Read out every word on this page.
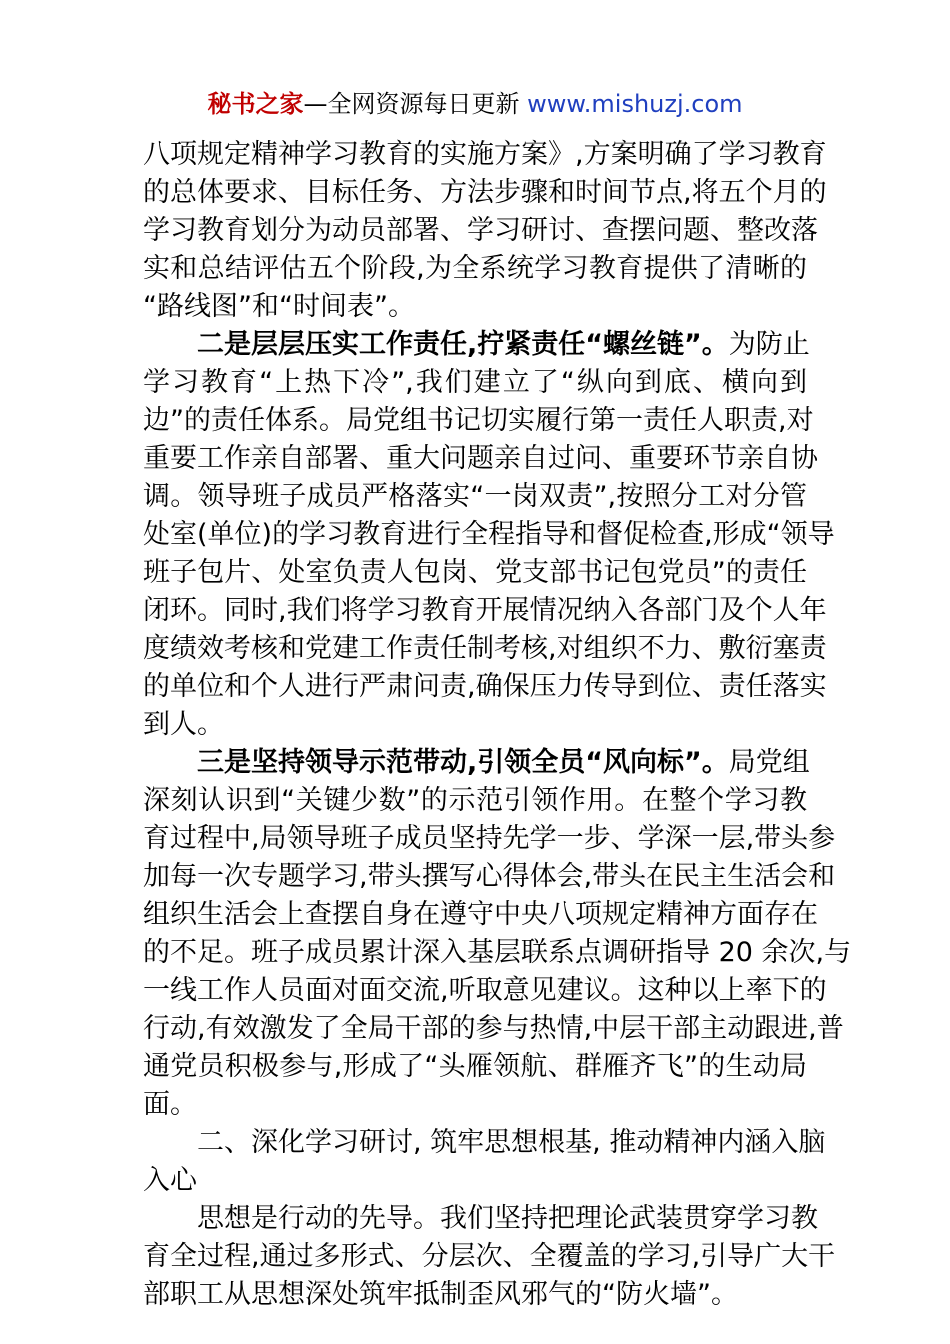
秘书之家—全网资源每日更新 www.mishuzj.com
八项规定精神学习教育的实施方案》,方案明确了学习教育
的总体要求、目标任务、方法步骤和时间节点,将五个月的
学习教育划分为动员部署、学习研讨、查摆问题、整改落
实和总结评估五个阶段,为全系统学习教育提供了清晰的
“路线图”和“时间表”。
二是层层压实工作责任,拧紧责任“螺丝链”。为防止
学习教育“上热下冷”,我们建立了“纵向到底、横向到
边”的责任体系。局党组书记切实履行第一责任人职责,对
重要工作亲自部署、重大问题亲自过问、重要环节亲自协
调。领导班子成员严格落实“一岗双责”,按照分工对分管
处室(单位)的学习教育进行全程指导和督促检查,形成“领导
班子包片、处室负责人包岗、党支部书记包党员”的责任
闭环。同时,我们将学习教育开展情况纳入各部门及个人年
度绩效考核和党建工作责任制考核,对组织不力、敷衍塞责
的单位和个人进行严肃问责,确保压力传导到位、责任落实
到人。
三是坚持领导示范带动,引领全员“风向标”。局党组
深刻认识到“关键少数”的示范引领作用。在整个学习教
育过程中,局领导班子成员坚持先学一步、学深一层,带头参
加每一次专题学习,带头撰写心得体会,带头在民主生活会和
组织生活会上查摆自身在遵守中央八项规定精神方面存在
的不足。班子成员累计深入基层联系点调研指导 20 余次,与
一线工作人员面对面交流,听取意见建议。这种以上率下的
行动,有效激发了全局干部的参与热情,中层干部主动跟进,普
通党员积极参与,形成了“头雁领航、群雁齐飞”的生动局
面。
二、深化学习研讨, 筑牢思想根基, 推动精神内涵入脑
入心
思想是行动的先导。我们坚持把理论武装贯穿学习教
育全过程,通过多形式、分层次、全覆盖的学习,引导广大干
部职工从思想深处筑牢抵制歪风邪气的“防火墙”。
